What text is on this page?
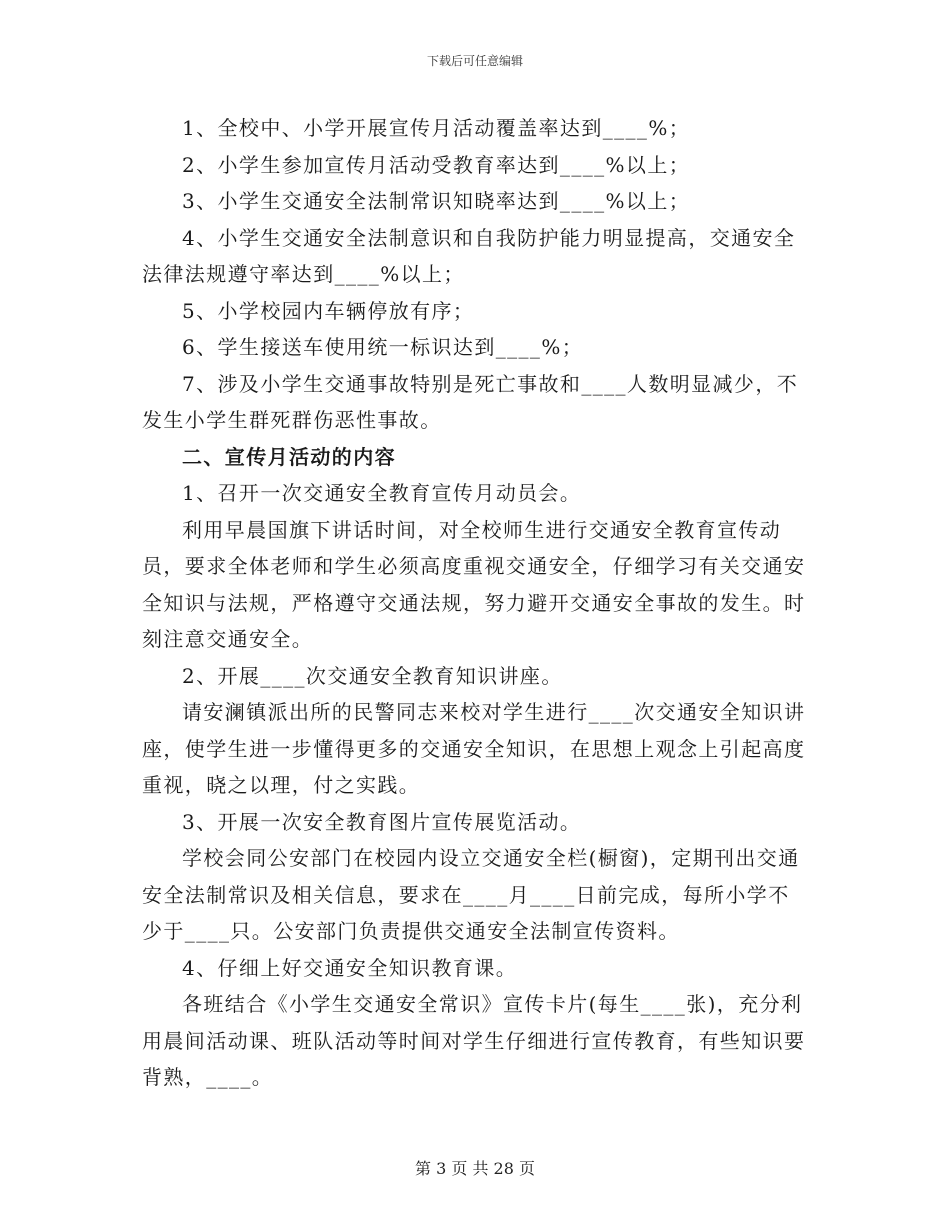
下载后可任意编辑

1、全校中、小学开展宣传月活动覆盖率达到____%；

2、小学生参加宣传月活动受教育率达到____%以上；

3、小学生交通安全法制常识知晓率达到____%以上；

4、小学生交通安全法制意识和自我防护能力明显提高，交通安全法律法规遵守率达到____%以上；

5、小学校园内车辆停放有序；

6、学生接送车使用统一标识达到____%；

7、涉及小学生交通事故特别是死亡事故和____人数明显减少，不发生小学生群死群伤恶性事故。

二、宣传月活动的内容

1、召开一次交通安全教育宣传月动员会。

利用早晨国旗下讲话时间，对全校师生进行交通安全教育宣传动员，要求全体老师和学生必须高度重视交通安全，仔细学习有关交通安全知识与法规，严格遵守交通法规，努力避开交通安全事故的发生。时刻注意交通安全。

2、开展____次交通安全教育知识讲座。

请安澜镇派出所的民警同志来校对学生进行____次交通安全知识讲座，使学生进一步懂得更多的交通安全知识，在思想上观念上引起高度重视，晓之以理，付之实践。

3、开展一次安全教育图片宣传展览活动。

学校会同公安部门在校园内设立交通安全栏(橱窗)，定期刊出交通安全法制常识及相关信息，要求在____月____日前完成，每所小学不少于____只。公安部门负责提供交通安全法制宣传资料。

4、仔细上好交通安全知识教育课。

各班结合《小学生交通安全常识》宣传卡片(每生____张)，充分利用晨间活动课、班队活动等时间对学生仔细进行宣传教育，有些知识要背熟，____。

第 3 页 共 28 页
